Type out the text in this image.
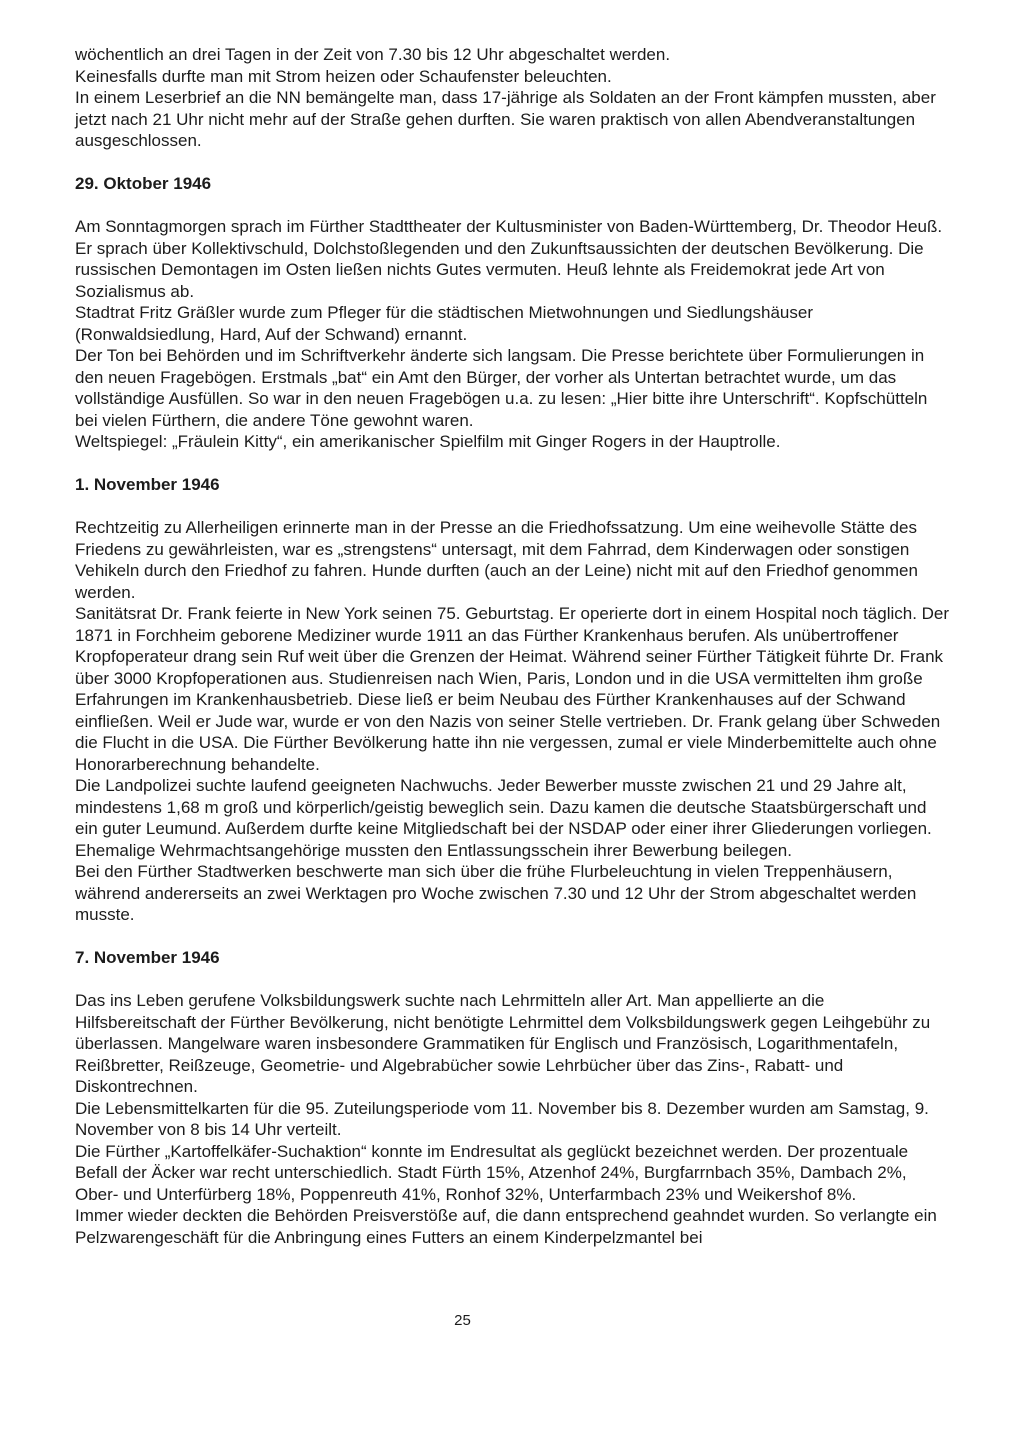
wöchentlich an drei Tagen in der Zeit von 7.30 bis 12 Uhr abgeschaltet werden.

Keinesfalls durfte man mit Strom heizen oder Schaufenster beleuchten.

In einem Leserbrief an die NN bemängelte man, dass 17-jährige als Soldaten an der Front kämpfen mussten, aber jetzt nach 21 Uhr nicht mehr auf der Straße gehen durften. Sie waren praktisch von allen Abendveranstaltungen ausgeschlossen.

29. Oktober 1946

Am Sonntagmorgen sprach im Fürther Stadttheater der Kultusminister von Baden-Württemberg, Dr. Theodor Heuß. Er sprach über Kollektivschuld, Dolchstoßlegenden und den Zukunftsaussichten der deutschen Bevölkerung. Die russischen Demontagen im Osten ließen nichts Gutes vermuten. Heuß lehnte als Freidemokrat jede Art von Sozialismus ab.

Stadtrat Fritz Gräßler wurde zum Pfleger für die städtischen Mietwohnungen und Siedlungshäuser (Ronwaldsiedlung, Hard, Auf der Schwand) ernannt.

Der Ton bei Behörden und im Schriftverkehr änderte sich langsam. Die Presse berichtete über Formulierungen in den neuen Fragebögen. Erstmals „bat“ ein Amt den Bürger, der vorher als Untertan betrachtet wurde, um das vollständige Ausfüllen. So war in den neuen Fragebögen u.a. zu lesen: „Hier bitte ihre Unterschrift“. Kopfschütteln bei vielen Fürthern, die andere Töne gewohnt waren.

Weltspiegel: „Fräulein Kitty“, ein amerikanischer Spielfilm mit Ginger Rogers in der Hauptrolle.

1. November 1946

Rechtzeitig zu Allerheiligen erinnerte man in der Presse an die Friedhofssatzung. Um eine weihevolle Stätte des Friedens zu gewährleisten, war es „strengstens“ untersagt, mit dem Fahrrad, dem Kinderwagen oder sonstigen Vehikeln durch den Friedhof zu fahren. Hunde durften (auch an der Leine) nicht mit auf den Friedhof genommen werden.

Sanitätsrat Dr. Frank feierte in New York seinen 75. Geburtstag. Er operierte dort in einem Hospital noch täglich. Der 1871 in Forchheim geborene Mediziner wurde 1911 an das Fürther Krankenhaus berufen. Als unübertroffener Kropfoperateur drang sein Ruf weit über die Grenzen der Heimat. Während seiner Fürther Tätigkeit führte Dr. Frank über 3000 Kropfoperationen aus. Studienreisen nach Wien, Paris, London und in die USA vermittelten ihm große Erfahrungen im Krankenhausbetrieb. Diese ließ er beim Neubau des Fürther Krankenhauses auf der Schwand einfließen. Weil er Jude war, wurde er von den Nazis von seiner Stelle vertrieben. Dr. Frank gelang über Schweden die Flucht in die USA. Die Fürther Bevölkerung hatte ihn nie vergessen, zumal er viele Minderbemittelte auch ohne Honorarberechnung behandelte.

Die Landpolizei suchte laufend geeigneten Nachwuchs. Jeder Bewerber musste zwischen 21 und 29 Jahre alt, mindestens 1,68 m groß und körperlich/geistig beweglich sein. Dazu kamen die deutsche Staatsbürgerschaft und ein guter Leumund. Außerdem durfte keine Mitgliedschaft bei der NSDAP oder einer ihrer Gliederungen vorliegen. Ehemalige Wehrmachtsangehörige mussten den Entlassungsschein ihrer Bewerbung beilegen.

Bei den Fürther Stadtwerken beschwerte man sich über die frühe Flurbeleuchtung in vielen Treppenhäusern, während andererseits an zwei Werktagen pro Woche zwischen 7.30 und 12 Uhr der Strom abgeschaltet werden musste.

7. November 1946

Das ins Leben gerufene Volksbildungswerk suchte nach Lehrmitteln aller Art. Man appellierte an die Hilfsbereitschaft der Fürther Bevölkerung, nicht benötigte Lehrmittel dem Volksbildungswerk gegen Leihgebühr zu überlassen. Mangelware waren insbesondere Grammatiken für Englisch und Französisch, Logarithmentafeln, Reißbretter, Reißzeuge, Geometrie- und Algebrabücher sowie Lehrbücher über das Zins-, Rabatt- und Diskontrechnen.

Die Lebensmittelkarten für die 95. Zuteilungsperiode vom 11. November bis 8. Dezember wurden am Samstag, 9. November von 8 bis 14 Uhr verteilt.

Die Fürther „Kartoffelkäfer-Suchaktion“ konnte im Endresultat als geglückt bezeichnet werden. Der prozentuale Befall der Äcker war recht unterschiedlich. Stadt Fürth 15%, Atzenhof 24%, Burgfarrnbach 35%, Dambach 2%, Ober- und Unterfürberg 18%, Poppenreuth 41%, Ronhof 32%, Unterfarmbach 23% und Weikershof 8%.

Immer wieder deckten die Behörden Preisverstöße auf, die dann entsprechend geahndet wurden. So verlangte ein Pelzwarengeschäft für die Anbringung eines Futters an einem Kinderpelzmantel bei

25
